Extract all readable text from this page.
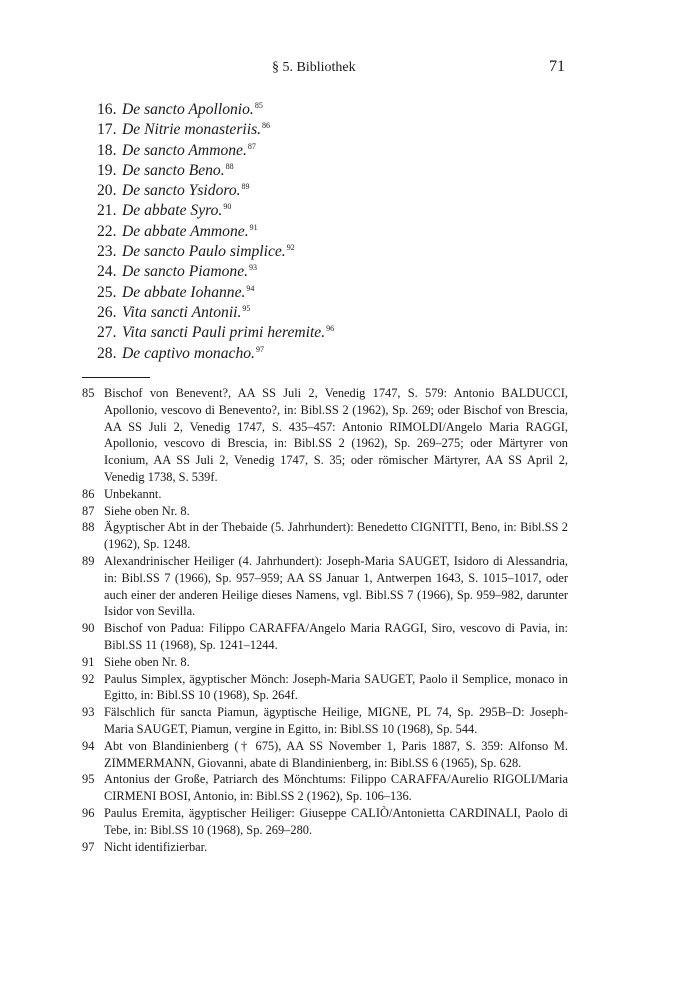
§ 5. Bibliothek	71
16. De sancto Apollonio.$^{85}$
17. De Nitrie monasteriis.$^{86}$
18. De sancto Ammone.$^{87}$
19. De sancto Beno.$^{88}$
20. De sancto Ysidoro.$^{89}$
21. De abbate Syro.$^{90}$
22. De abbate Ammone.$^{91}$
23. De sancto Paulo simplice.$^{92}$
24. De sancto Piamone.$^{93}$
25. De abbate Iohanne.$^{94}$
26. Vita sancti Antonii.$^{95}$
27. Vita sancti Pauli primi heremite.$^{96}$
28. De captivo monacho.$^{97}$
85 Bischof von Benevent?, AA SS Juli 2, Venedig 1747, S. 579: Antonio BALDUCCI, Apollonio, vescovo di Benevento?, in: Bibl.SS 2 (1962), Sp. 269; oder Bischof von Brescia, AA SS Juli 2, Venedig 1747, S. 435–457: Antonio RIMOLDI/Angelo Maria RAGGI, Apollonio, vescovo di Brescia, in: Bibl.SS 2 (1962), Sp. 269–275; oder Märtyrer von Iconium, AA SS Juli 2, Venedig 1747, S. 35; oder römischer Märtyrer, AA SS April 2, Venedig 1738, S. 539f.
86 Unbekannt.
87 Siehe oben Nr. 8.
88 Ägyptischer Abt in der Thebaide (5. Jahrhundert): Benedetto CIGNITTI, Beno, in: Bibl.SS 2 (1962), Sp. 1248.
89 Alexandrinischer Heiliger (4. Jahrhundert): Joseph-Maria SAUGET, Isidoro di Alessandria, in: Bibl.SS 7 (1966), Sp. 957–959; AA SS Januar 1, Antwerpen 1643, S. 1015–1017, oder auch einer der anderen Heilige dieses Namens, vgl. Bibl.SS 7 (1966), Sp. 959–982, darunter Isidor von Sevilla.
90 Bischof von Padua: Filippo CARAFFA/Angelo Maria RAGGI, Siro, vescovo di Pavia, in: Bibl.SS 11 (1968), Sp. 1241–1244.
91 Siehe oben Nr. 8.
92 Paulus Simplex, ägyptischer Mönch: Joseph-Maria SAUGET, Paolo il Semplice, monaco in Egitto, in: Bibl.SS 10 (1968), Sp. 264f.
93 Fälschlich für sancta Piamun, ägyptische Heilige, MIGNE, PL 74, Sp. 295B–D: Joseph-Maria SAUGET, Piamun, vergine in Egitto, in: Bibl.SS 10 (1968), Sp. 544.
94 Abt von Blandinienberg († 675), AA SS November 1, Paris 1887, S. 359: Alfonso M. ZIMMERMANN, Giovanni, abate di Blandinienberg, in: Bibl.SS 6 (1965), Sp. 628.
95 Antonius der Große, Patriarch des Mönchtums: Filippo CARAFFA/Aurelio RIGOLI/Maria CIRMENI BOSI, Antonio, in: Bibl.SS 2 (1962), Sp. 106–136.
96 Paulus Eremita, ägyptischer Heiliger: Giuseppe CALIÒ/Antonietta CARDINALI, Paolo di Tebe, in: Bibl.SS 10 (1968), Sp. 269–280.
97 Nicht identifizierbar.
